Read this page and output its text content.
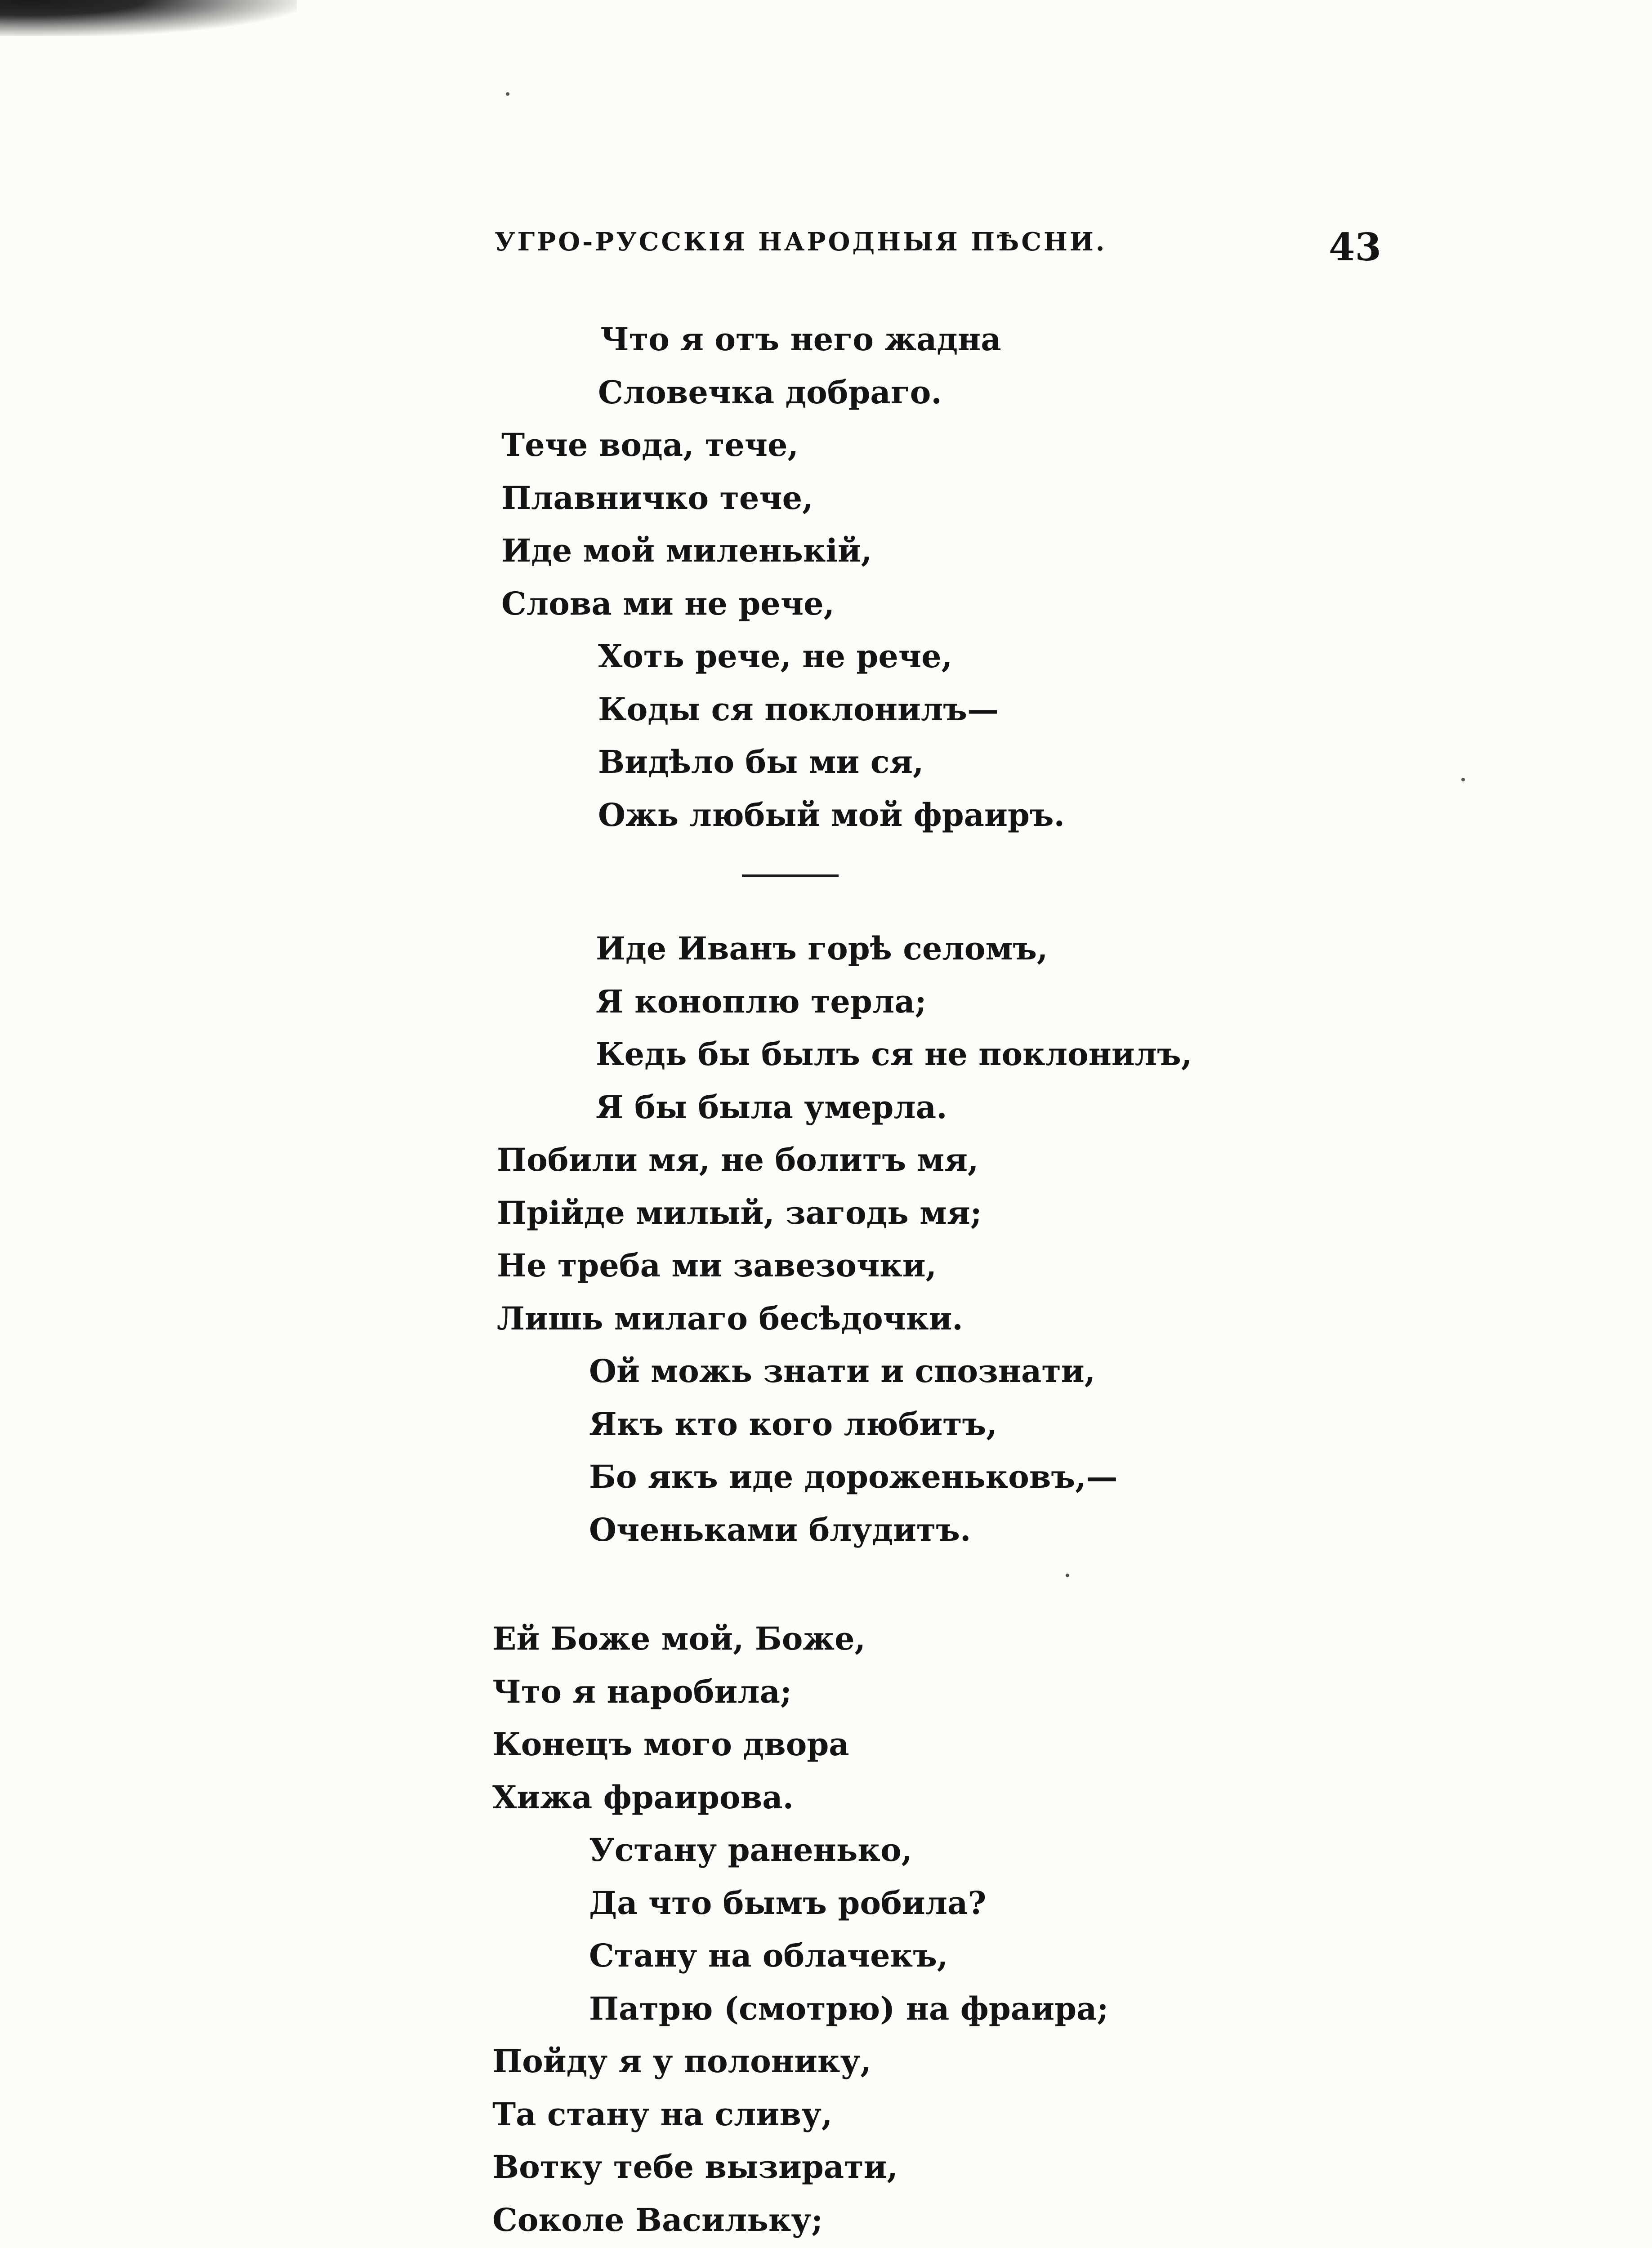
УГРО-РУССКІЯ НАРОДНЫЯ ПѢСНИ.	43
Что я отъ него жадна
Словечка добраго.
Тече вода, тече,
Плавничко тече,
Иде мой миленькій,
Слова ми не рече,
Хоть рече, не рече,
Коды ся поклонилъ—
Видѣло бы ми ся,
Ожь любый мой фраиръ.
Иде Иванъ горѣ селомъ,
Я коноплю терла;
Кедь бы былъ ся не поклонилъ,
Я бы была умерла.
Побили мя, не болитъ мя,
Прійде милый, загодь мя;
Не треба ми завезочки,
Лишь милаго бесѣдочки.
Ой можь знати и спознати,
Якъ кто кого любитъ,
Бо якъ иде дороженьковъ,—
Оченьками блудитъ.
Ей Боже мой, Боже,
Что я наробила;
Конецъ мого двора
Хижа фраирова.
Устану раненько,
Да что бымъ робила?
Стану на облачекъ,
Патрю (смотрю) на фраира;
Пойду я у полонику,
Та стану на сливу,
Вотку тебе вызирати,
Соколе Васильку;
